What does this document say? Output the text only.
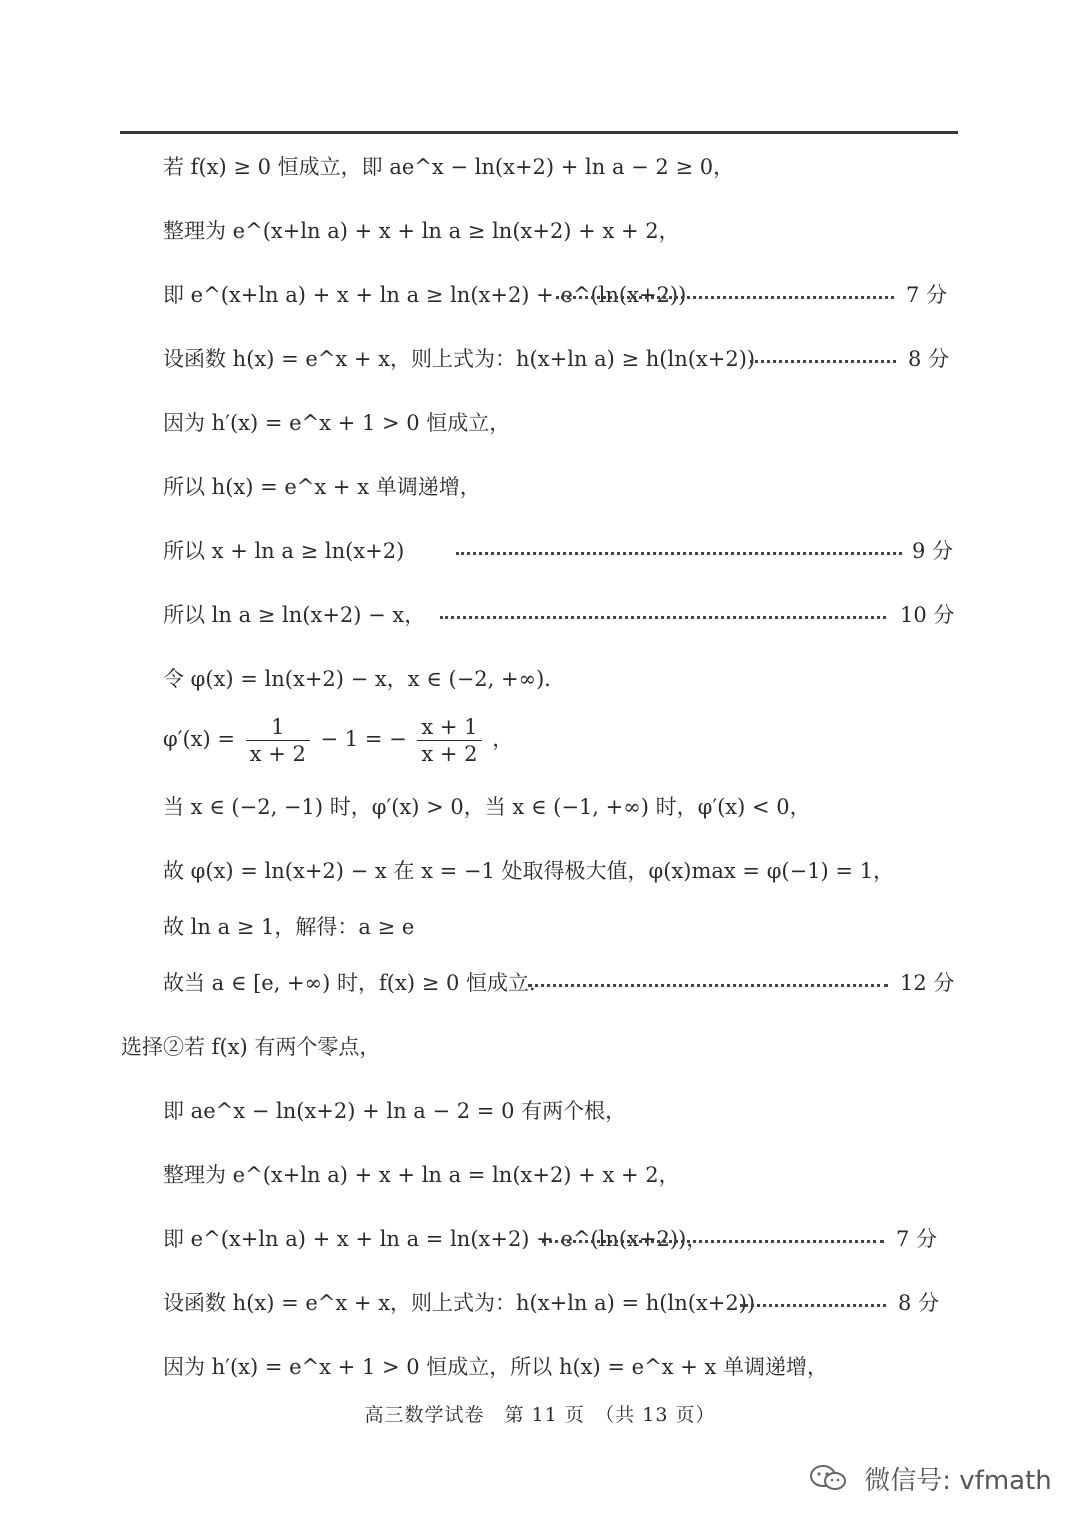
若 f(x) ≥ 0 恒成立，即 ae^x − ln(x+2) + ln a − 2 ≥ 0，
整理为 e^(x+ln a) + x + ln a ≥ ln(x+2) + x + 2，
即 e^(x+ln a) + x + ln a ≥ ln(x+2) + e^(ln(x+2))	7 分
设函数 h(x) = e^x + x，则上式为：h(x+ln a) ≥ h(ln(x+2))	8 分
因为 h′(x) = e^x + 1 > 0 恒成立，
所以 h(x) = e^x + x 单调递增，
所以 x + ln a ≥ ln(x+2)	9 分
所以 ln a ≥ ln(x+2) − x，	10 分
令 φ(x) = ln(x+2) − x，x ∈ (−2, +∞)．
$\varphi'(x) = \frac{1}{x + 2} - 1$ = − $\frac{x + 1}{x + 2}$ ，
当 x ∈ (−2, −1) 时，φ′(x) > 0，当 x ∈ (−1, +∞) 时，φ′(x) < 0，
故 φ(x) = ln(x+2) − x 在 x = −1 处取得极大值，φ(x)max = φ(−1) = 1，
故 ln a ≥ 1，解得：a ≥ e
故当 a ∈ [e, +∞) 时，f(x) ≥ 0 恒成立.	12 分
选择②若 f(x) 有两个零点，
即 ae^x − ln(x+2) + ln a − 2 = 0 有两个根，
整理为 e^(x+ln a) + x + ln a = ln(x+2) + x + 2，
即 e^(x+ln a) + x + ln a = ln(x+2) + e^(ln(x+2))，	7 分
设函数 h(x) = e^x + x，则上式为：h(x+ln a) = h(ln(x+2))	8 分
因为 h′(x) = e^x + 1 > 0 恒成立，所以 h(x) = e^x + x 单调递增，
高三数学试卷　第 11 页　（共 13 页）
微信号: vfmath
